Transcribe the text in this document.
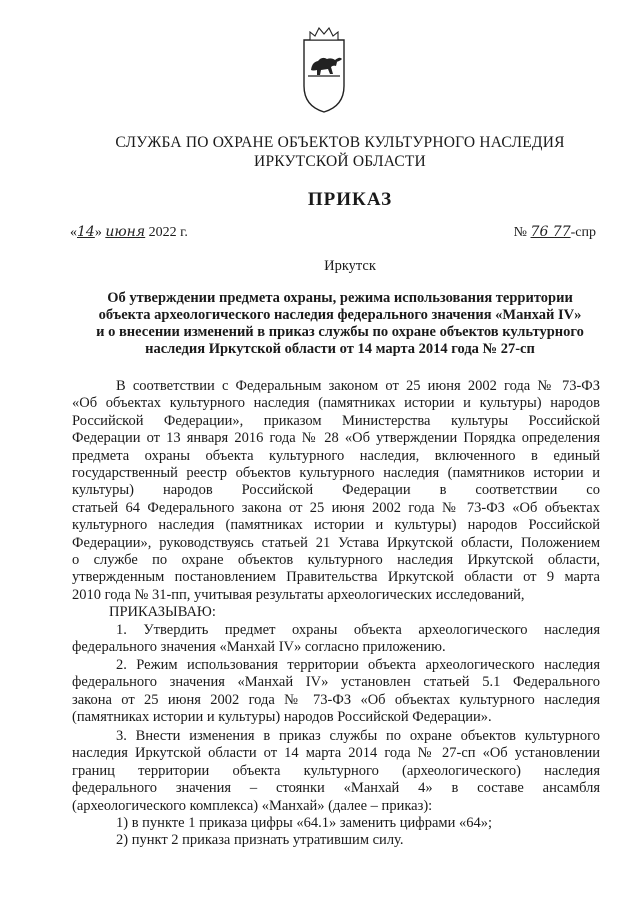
СЛУЖБА ПО ОХРАНЕ ОБЪЕКТОВ КУЛЬТУРНОГО НАСЛЕДИЯ
ИРКУТСКОЙ ОБЛАСТИ
ПРИКАЗ
«14» июня 2022 г.	№ 76 77-спр
Иркутск
Об утверждении предмета охраны, режима использования территории
объекта археологического наследия федерального значения «Манхай IV»
и о внесении изменений в приказ службы по охране объектов культурного
наследия Иркутской области от 14 марта 2014 года № 27-сп
В соответствии с Федеральным законом от 25 июня 2002 года № 73-ФЗ
«Об объектах культурного наследия (памятниках истории и культуры) народов
Российской Федерации», приказом Министерства культуры Российской
Федерации от 13 января 2016 года № 28 «Об утверждении Порядка определения
предмета охраны объекта культурного наследия, включенного в единый
государственный реестр объектов культурного наследия (памятников истории и
культуры) народов Российской Федерации в соответствии со
статьей 64 Федерального закона от 25 июня 2002 года № 73-ФЗ «Об объектах
культурного наследия (памятниках истории и культуры) народов Российской
Федерации», руководствуясь статьей 21 Устава Иркутской области, Положением
о службе по охране объектов культурного наследия Иркутской области,
утвержденным постановлением Правительства Иркутской области от 9 марта
2010 года № 31-пп, учитывая результаты археологических исследований,
ПРИКАЗЫВАЮ:
1. Утвердить предмет охраны объекта археологического наследия
федерального значения «Манхай IV» согласно приложению.
2. Режим использования территории объекта археологического наследия
федерального значения «Манхай IV» установлен статьей 5.1 Федерального
закона от 25 июня 2002 года № 73-ФЗ «Об объектах культурного наследия
(памятниках истории и культуры) народов Российской Федерации».
3. Внести изменения в приказ службы по охране объектов культурного
наследия Иркутской области от 14 марта 2014 года № 27-сп «Об установлении
границ территории объекта культурного (археологического) наследия
федерального значения – стоянки «Манхай 4» в составе ансамбля
(археологического комплекса) «Манхай» (далее – приказ):
1) в пункте 1 приказа цифры «64.1» заменить цифрами «64»;
2) пункт 2 приказа признать утратившим силу.
